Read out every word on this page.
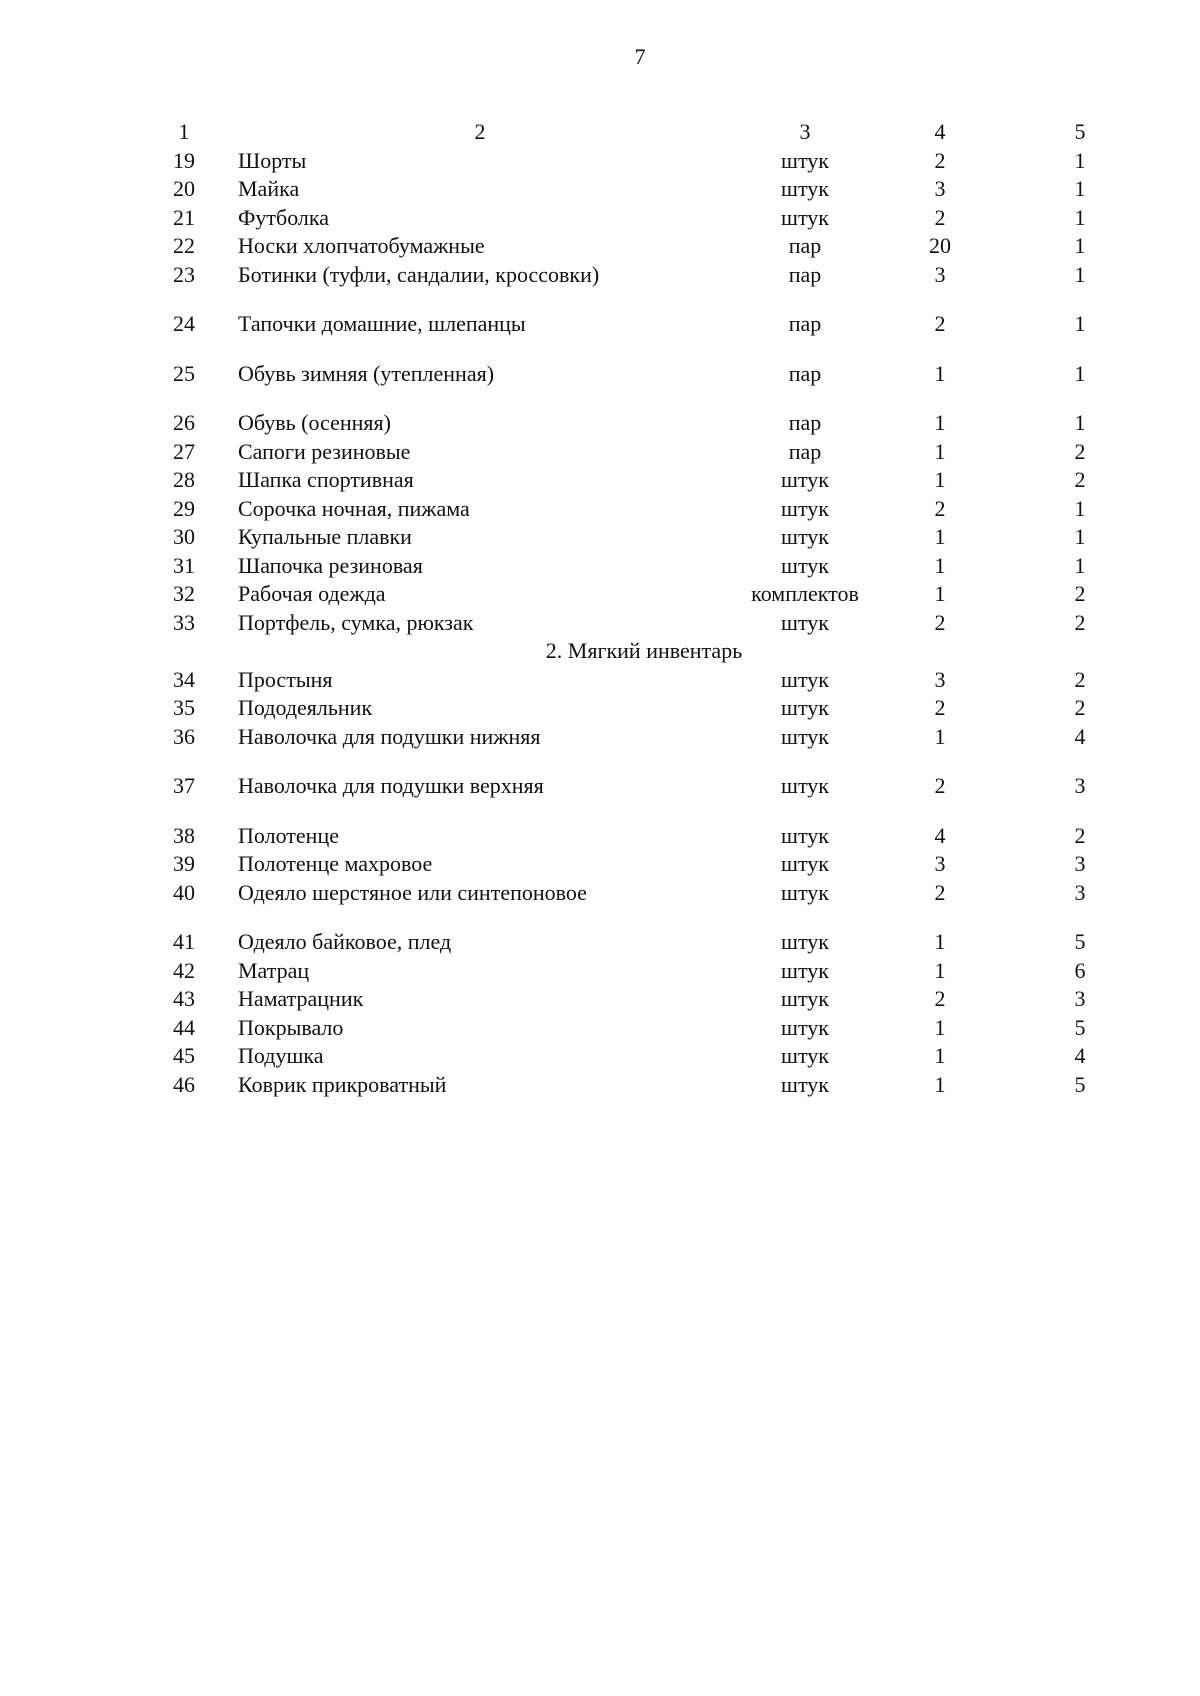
7
1	2	3	4	5
19	Шорты	штук	2	1
20	Майка	штук	3	1
21	Футболка	штук	2	1
22	Носки хлопчатобумажные	пар	20	1
23	Ботинки (туфли, сандалии, кроссовки)	пар	3	1
24	Тапочки домашние, шлепанцы	пар	2	1
25	Обувь зимняя (утепленная)	пар	1	1
26	Обувь (осенняя)	пар	1	1
27	Сапоги резиновые	пар	1	2
28	Шапка спортивная	штук	1	2
29	Сорочка ночная, пижама	штук	2	1
30	Купальные плавки	штук	1	1
31	Шапочка резиновая	штук	1	1
32	Рабочая одежда	комплектов	1	2
33	Портфель, сумка, рюкзак	штук	2	2
2. Мягкий инвентарь
34	Простыня	штук	3	2
35	Пододеяльник	штук	2	2
36	Наволочка для подушки нижняя	штук	1	4
37	Наволочка для подушки верхняя	штук	2	3
38	Полотенце	штук	4	2
39	Полотенце махровое	штук	3	3
40	Одеяло шерстяное или синтепоновое	штук	2	3
41	Одеяло байковое, плед	штук	1	5
42	Матрац	штук	1	6
43	Наматрацник	штук	2	3
44	Покрывало	штук	1	5
45	Подушка	штук	1	4
46	Коврик прикроватный	штук	1	5
